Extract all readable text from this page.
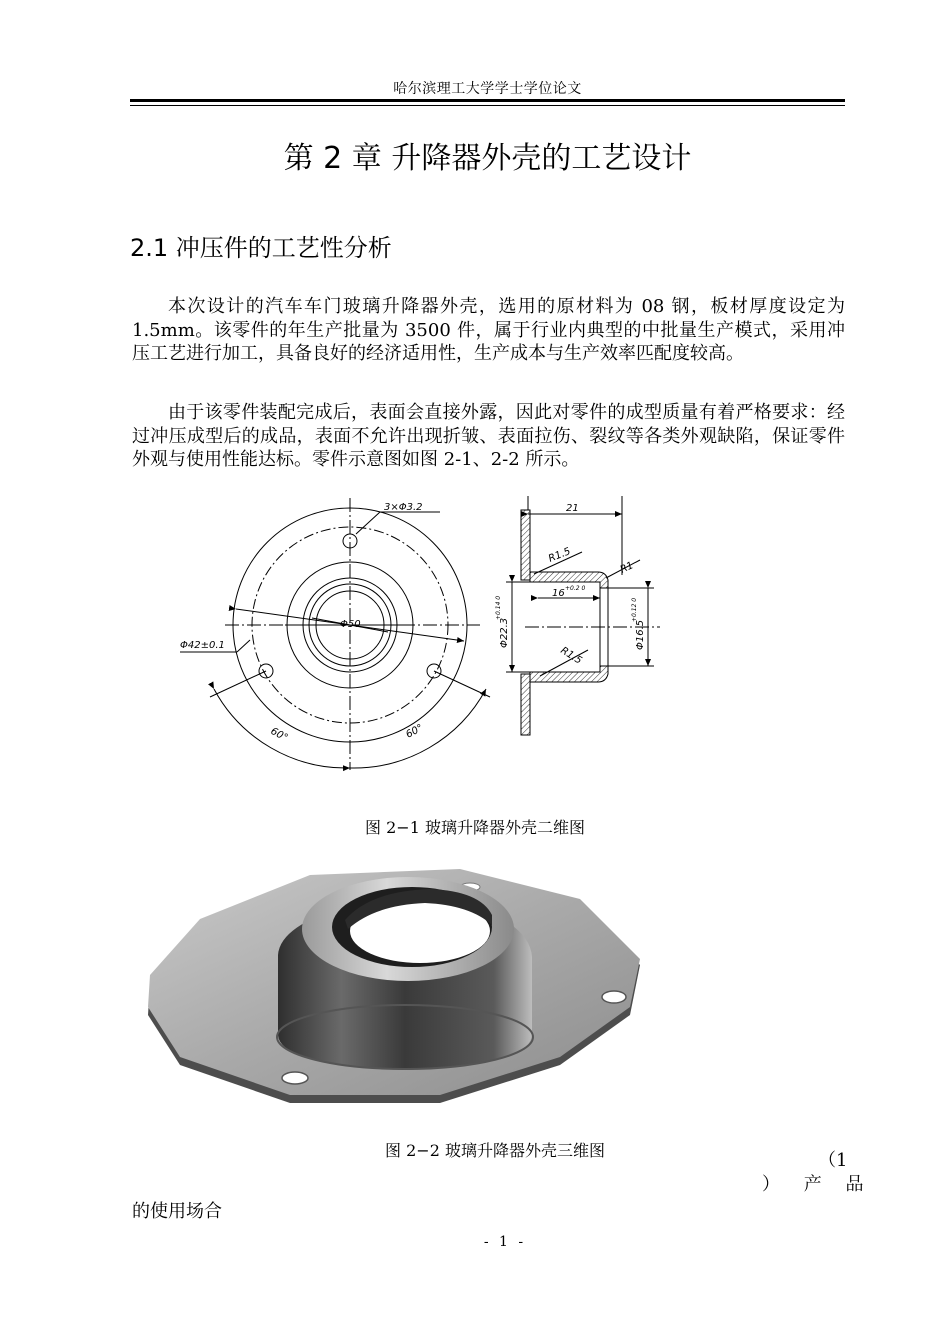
哈尔滨理工大学学士学位论文
第 2 章 升降器外壳的工艺设计
2.1 冲压件的工艺性分析
本次设计的汽车车门玻璃升降器外壳，选用的原材料为 08 钢，板材厚度设定为 1.5mm。该零件的年生产批量为 3500 件，属于行业内典型的中批量生产模式，采用冲压工艺进行加工，具备良好的经济适用性，生产成本与生产效率匹配度较高。
由于该零件装配完成后，表面会直接外露，因此对零件的成型质量有着严格要求：经过冲压成型后的成品，表面不允许出现折皱、表面拉伤、裂纹等各类外观缺陷，保证零件外观与使用性能达标。零件示意图如图 2-1、2-2 所示。
3×Φ3.2
Φ42±0.1
Φ50
60°	60°
21
R1.5
R1
16 +0.2 0
Φ22.3
+0.14 0
Φ16.5
+0.12 0
R1.5
图 2−1 玻璃升降器外壳二维图
图 2−2 玻璃升降器外壳三维图	（1
） 产 品
的使用场合
- 1 -
